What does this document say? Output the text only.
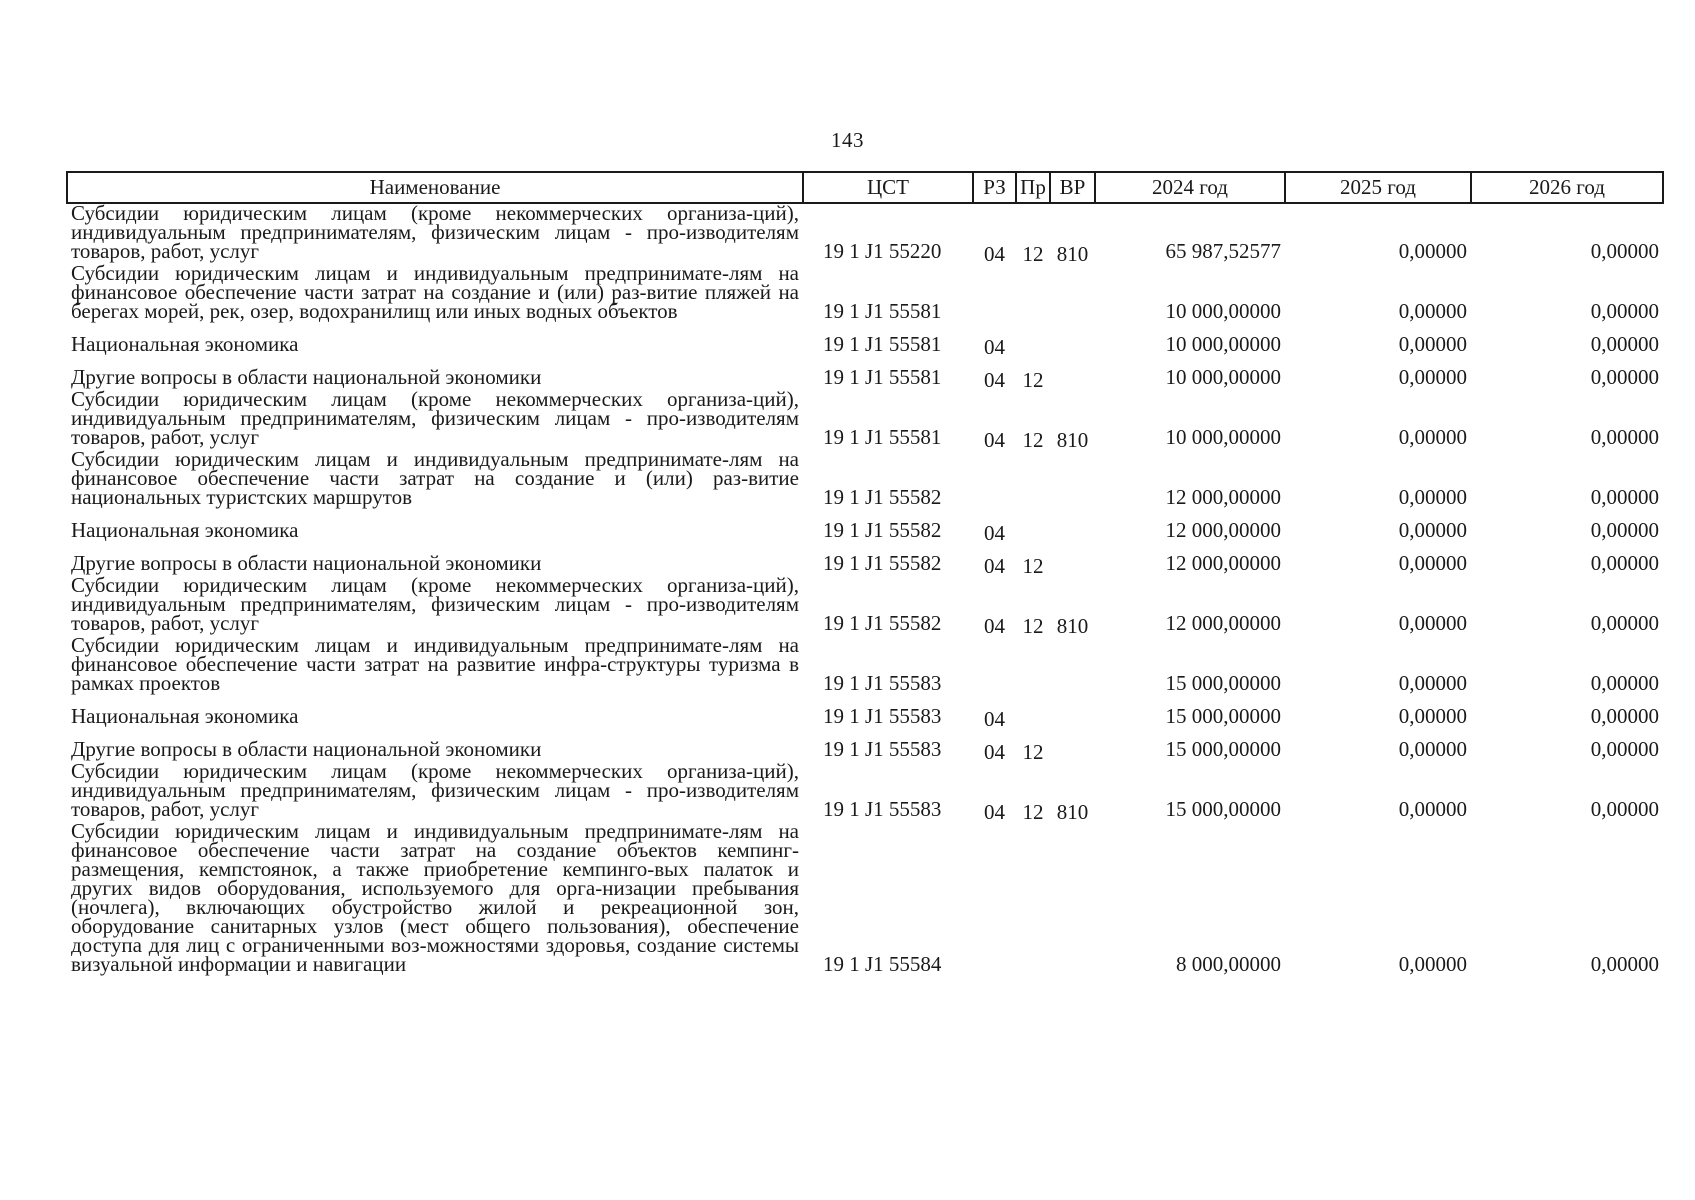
143
Наименование	ЦСТ	РЗ	Пр	ВР	2024 год	2025 год	2026 год
Субсидии юридическим лицам (кроме некоммерческих организа-ций), индивидуальным предпринимателям, физическим лицам - про-изводителям товаров, работ, услуг	19 1 J1 55220	04	12	810	65 987,52577	0,00000	0,00000
Субсидии юридическим лицам и индивидуальным предпринимате-лям на финансовое обеспечение части затрат на создание и (или) раз-витие пляжей на берегах морей, рек, озер, водохранилищ или иных водных объектов	19 1 J1 55581				10 000,00000	0,00000	0,00000
Национальная экономика	19 1 J1 55581	04			10 000,00000	0,00000	0,00000
Другие вопросы в области национальной экономики	19 1 J1 55581	04	12		10 000,00000	0,00000	0,00000
Субсидии юридическим лицам (кроме некоммерческих организа-ций), индивидуальным предпринимателям, физическим лицам - про-изводителям товаров, работ, услуг	19 1 J1 55581	04	12	810	10 000,00000	0,00000	0,00000
Субсидии юридическим лицам и индивидуальным предпринимате-лям на финансовое обеспечение части затрат на создание и (или) раз-витие национальных туристских маршрутов	19 1 J1 55582				12 000,00000	0,00000	0,00000
Национальная экономика	19 1 J1 55582	04			12 000,00000	0,00000	0,00000
Другие вопросы в области национальной экономики	19 1 J1 55582	04	12		12 000,00000	0,00000	0,00000
Субсидии юридическим лицам (кроме некоммерческих организа-ций), индивидуальным предпринимателям, физическим лицам - про-изводителям товаров, работ, услуг	19 1 J1 55582	04	12	810	12 000,00000	0,00000	0,00000
Субсидии юридическим лицам и индивидуальным предпринимате-лям на финансовое обеспечение части затрат на развитие инфра-структуры туризма в рамках проектов	19 1 J1 55583				15 000,00000	0,00000	0,00000
Национальная экономика	19 1 J1 55583	04			15 000,00000	0,00000	0,00000
Другие вопросы в области национальной экономики	19 1 J1 55583	04	12		15 000,00000	0,00000	0,00000
Субсидии юридическим лицам (кроме некоммерческих организа-ций), индивидуальным предпринимателям, физическим лицам - про-изводителям товаров, работ, услуг	19 1 J1 55583	04	12	810	15 000,00000	0,00000	0,00000
Субсидии юридическим лицам и индивидуальным предпринимате-лям на финансовое обеспечение части затрат на создание объектов кемпинг-размещения, кемпстоянок, а также приобретение кемпинго-вых палаток и других видов оборудования, используемого для орга-низации пребывания (ночлега), включающих обустройство жилой и рекреационной зон, оборудование санитарных узлов (мест общего пользования), обеспечение доступа для лиц с ограниченными воз-можностями здоровья, создание системы визуальной информации и навигации	19 1 J1 55584				8 000,00000	0,00000	0,00000
